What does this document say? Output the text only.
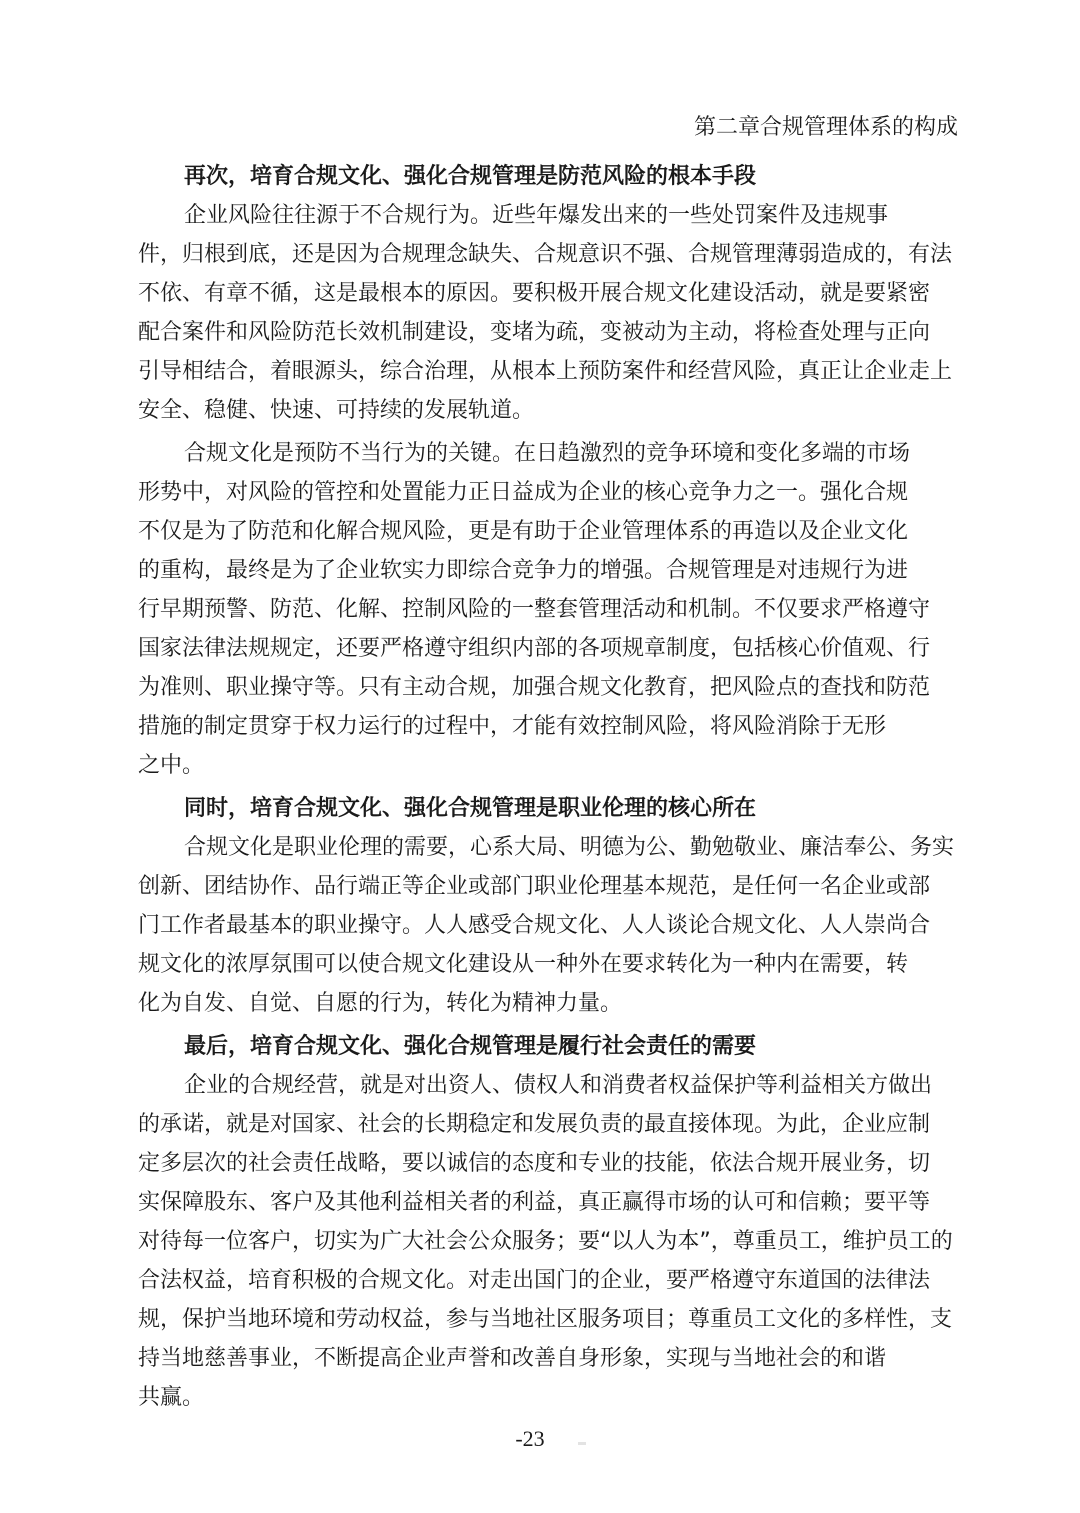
第二章合规管理体系的构成
再次，培育合规文化、强化合规管理是防范风险的根本手段
企业风险往往源于不合规行为。近些年爆发出来的一些处罚案件及违规事
件，归根到底，还是因为合规理念缺失、合规意识不强、合规管理薄弱造成的，有法
不依、有章不循，这是最根本的原因。要积极开展合规文化建设活动，就是要紧密
配合案件和风险防范长效机制建设，变堵为疏，变被动为主动，将检查处理与正向
引导相结合，着眼源头，综合治理，从根本上预防案件和经营风险，真正让企业走上
安全、稳健、快速、可持续的发展轨道。
合规文化是预防不当行为的关键。在日趋激烈的竞争环境和变化多端的市场
形势中，对风险的管控和处置能力正日益成为企业的核心竞争力之一。强化合规
不仅是为了防范和化解合规风险，更是有助于企业管理体系的再造以及企业文化
的重构，最终是为了企业软实力即综合竞争力的增强。合规管理是对违规行为进
行早期预警、防范、化解、控制风险的一整套管理活动和机制。不仅要求严格遵守
国家法律法规规定，还要严格遵守组织内部的各项规章制度，包括核心价值观、行
为准则、职业操守等。只有主动合规，加强合规文化教育，把风险点的查找和防范
措施的制定贯穿于权力运行的过程中，才能有效控制风险，将风险消除于无形
之中。
同时，培育合规文化、强化合规管理是职业伦理的核心所在
合规文化是职业伦理的需要，心系大局、明德为公、勤勉敬业、廉洁奉公、务实
创新、团结协作、品行端正等企业或部门职业伦理基本规范，是任何一名企业或部
门工作者最基本的职业操守。人人感受合规文化、人人谈论合规文化、人人崇尚合
规文化的浓厚氛围可以使合规文化建设从一种外在要求转化为一种内在需要，转
化为自发、自觉、自愿的行为，转化为精神力量。
最后，培育合规文化、强化合规管理是履行社会责任的需要
企业的合规经营，就是对出资人、债权人和消费者权益保护等利益相关方做出
的承诺，就是对国家、社会的长期稳定和发展负责的最直接体现。为此，企业应制
定多层次的社会责任战略，要以诚信的态度和专业的技能，依法合规开展业务，切
实保障股东、客户及其他利益相关者的利益，真正赢得市场的认可和信赖；要平等
对待每一位客户，切实为广大社会公众服务；要“以人为本”，尊重员工，维护员工的
合法权益，培育积极的合规文化。对走出国门的企业，要严格遵守东道国的法律法
规，保护当地环境和劳动权益，参与当地社区服务项目；尊重员工文化的多样性，支
持当地慈善事业，不断提高企业声誉和改善自身形象，实现与当地社会的和谐
共赢。
-23
